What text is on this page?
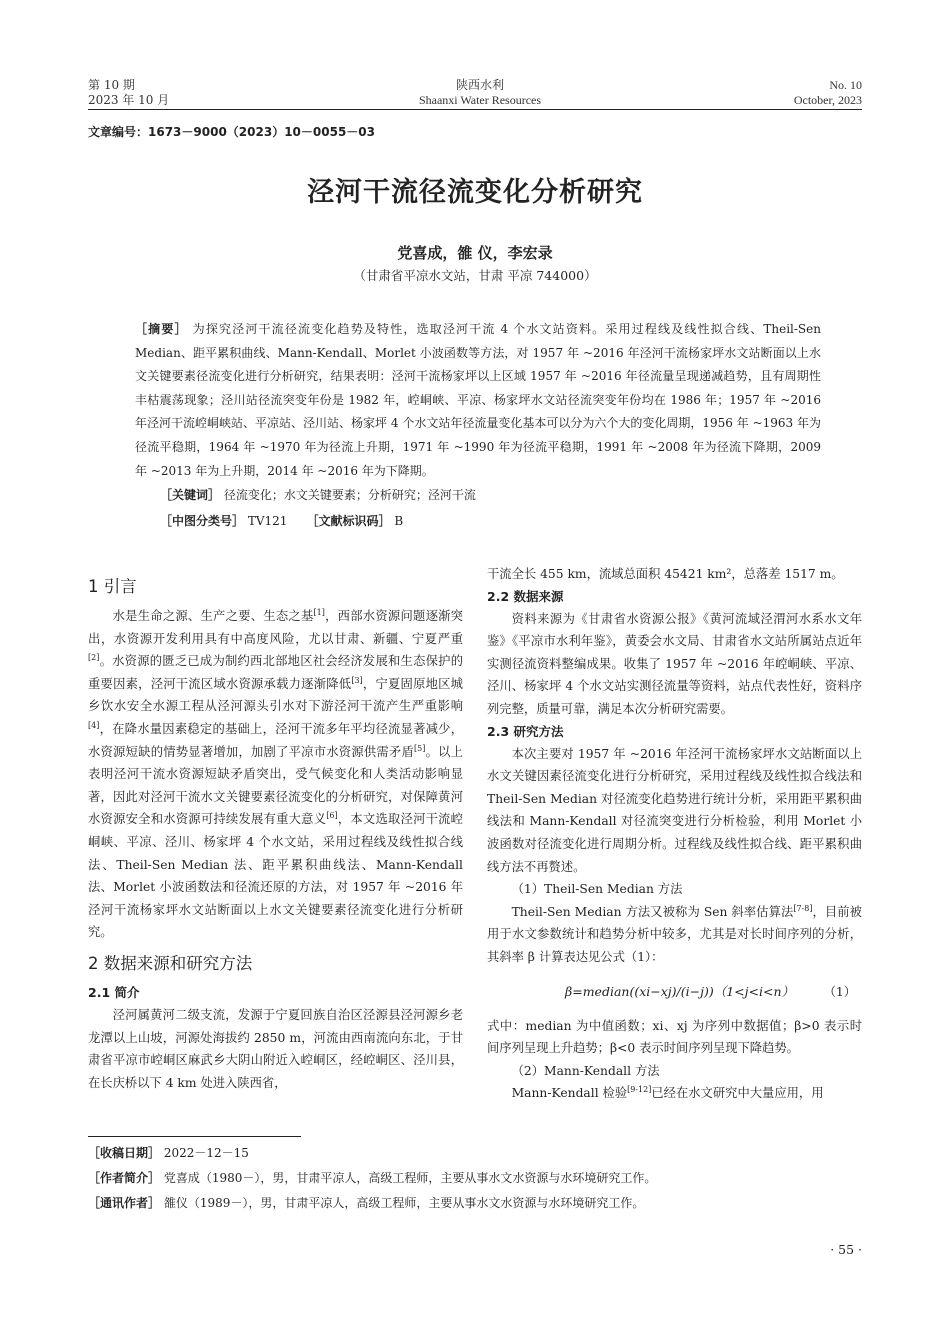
第 10 期
2023 年 10 月
陕西水利
Shaanxi Water Resources
No. 10
October, 2023
文章编号：1673－9000（2023）10－0055－03
泾河干流径流变化分析研究
党喜成，雒 仪，李宏录
（甘肃省平凉水文站，甘肃 平凉 744000）
［摘要］ 为探究泾河干流径流变化趋势及特性，选取泾河干流 4 个水文站资料。采用过程线及线性拟合线、Theil-Sen Median、距平累积曲线、Mann-Kendall、Morlet 小波函数等方法，对 1957 年 ~2016 年泾河干流杨家坪水文站断面以上水文关键要素径流变化进行分析研究，结果表明：泾河干流杨家坪以上区域 1957 年 ~2016 年径流量呈现递减趋势，且有周期性丰枯震荡现象；泾川站径流突变年份是 1982 年，崆峒峡、平凉、杨家坪水文站径流突变年份均在 1986 年；1957 年 ~2016 年泾河干流崆峒峡站、平凉站、泾川站、杨家坪 4 个水文站年径流量变化基本可以分为六个大的变化周期，1956 年 ~1963 年为径流平稳期，1964 年 ~1970 年为径流上升期，1971 年 ~1990 年为径流平稳期，1991 年 ~2008 年为径流下降期，2009 年 ~2013 年为上升期，2014 年 ~2016 年为下降期。
［关键词］ 径流变化；水文关键要素；分析研究；泾河干流
［中图分类号］ TV121 ［文献标识码］ B
1 引言

水是生命之源、生产之要、生态之基[1]，西部水资源问题逐渐突出，水资源开发利用具有中高度风险，尤以甘肃、新疆、宁夏严重[2]。水资源的匮乏已成为制约西北部地区社会经济发展和生态保护的重要因素，泾河干流区域水资源承载力逐渐降低[3]，宁夏固原地区城乡饮水安全水源工程从泾河源头引水对下游泾河干流产生严重影响[4]，在降水量因素稳定的基础上，泾河干流多年平均径流显著减少，水资源短缺的情势显著增加，加剧了平凉市水资源供需矛盾[5]。以上表明泾河干流水资源短缺矛盾突出，受气候变化和人类活动影响显著，因此对泾河干流水文关键要素径流变化的分析研究，对保障黄河水资源安全和水资源可持续发展有重大意义[6]，本文选取泾河干流崆峒峡、平凉、泾川、杨家坪 4 个水文站，采用过程线及线性拟合线法、Theil-Sen Median 法、距平累积曲线法、Mann-Kendall 法、Morlet 小波函数法和径流还原的方法，对 1957 年 ~2016 年泾河干流杨家坪水文站断面以上水文关键要素径流变化进行分析研究。

2 数据来源和研究方法
2.1 简介

泾河属黄河二级支流，发源于宁夏回族自治区泾源县泾河源乡老龙潭以上山坡，河源处海拔约 2850 m，河流由西南流向东北，于甘肃省平凉市崆峒区麻武乡大阴山附近入崆峒区，经崆峒区、泾川县，在长庆桥以下 4 km 处进入陕西省，

干流全长 455 km，流域总面积 45421 km²，总落差 1517 m。

2.2 数据来源

资料来源为《甘肃省水资源公报》《黄河流域泾渭河水系水文年鉴》《平凉市水利年鉴》，黄委会水文局、甘肃省水文站所属站点近年实测径流资料整编成果。收集了 1957 年 ~2016 年崆峒峡、平凉、泾川、杨家坪 4 个水文站实测径流量等资料，站点代表性好，资料序列完整，质量可靠，满足本次分析研究需要。

2.3 研究方法

本次主要对 1957 年 ~2016 年泾河干流杨家坪水文站断面以上水文关键因素径流变化进行分析研究，采用过程线及线性拟合线法和 Theil-Sen Median 对径流变化趋势进行统计分析，采用距平累积曲线法和 Mann-Kendall 对径流突变进行分析检验，利用 Morlet 小波函数对径流变化进行周期分析。过程线及线性拟合线、距平累积曲线方法不再赘述。

（1）Theil-Sen Median 方法

Theil-Sen Median 方法又被称为 Sen 斜率估算法[7-8]，目前被用于水文参数统计和趋势分析中较多，尤其是对长时间序列的分析，其斜率 β 计算表达见公式（1）：

β=median((xi−xj)/(i−j))（1<j<i<n） （1）

式中：median 为中值函数；xi、xj 为序列中数据值；β>0 表示时间序列呈现上升趋势；β<0 表示时间序列呈现下降趋势。

（2）Mann-Kendall 方法

Mann-Kendall 检验[9-12]已经在水文研究中大量应用，用

［收稿日期］ 2022－12－15
［作者简介］ 党喜成（1980－），男，甘肃平凉人，高级工程师，主要从事水文水资源与水环境研究工作。
［通讯作者］ 雒仪（1989－），男，甘肃平凉人，高级工程师，主要从事水文水资源与水环境研究工作。
· 55 ·
